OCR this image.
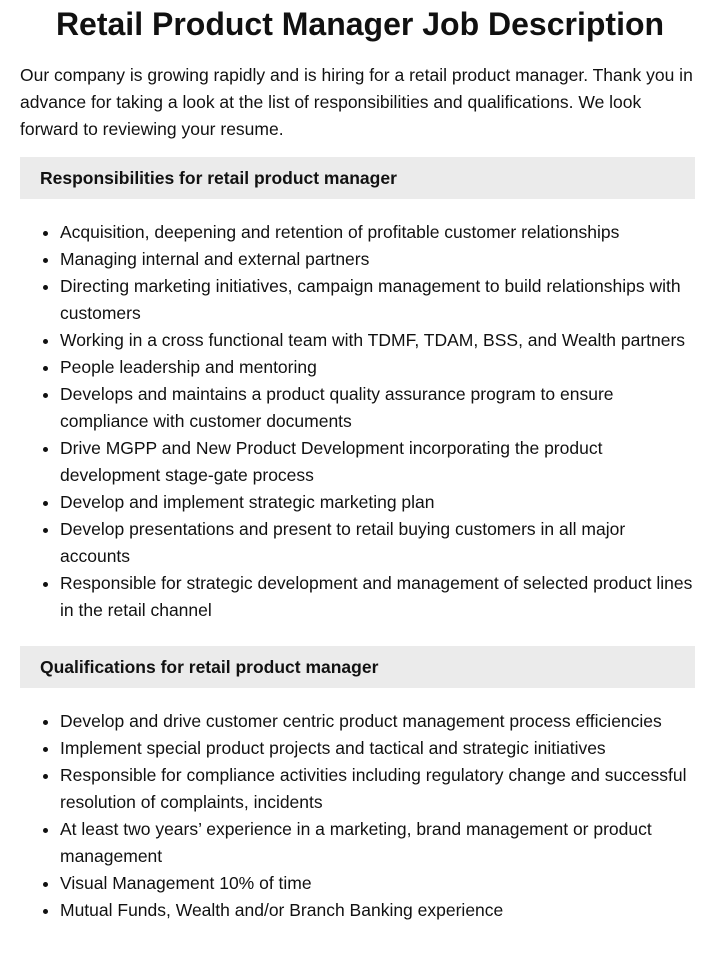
Retail Product Manager Job Description

Our company is growing rapidly and is hiring for a retail product manager. Thank you in advance for taking a look at the list of responsibilities and qualifications. We look forward to reviewing your resume.

Responsibilities for retail product manager
• Acquisition, deepening and retention of profitable customer relationships
• Managing internal and external partners
• Directing marketing initiatives, campaign management to build relationships with customers
• Working in a cross functional team with TDMF, TDAM, BSS, and Wealth partners
• People leadership and mentoring
• Develops and maintains a product quality assurance program to ensure compliance with customer documents
• Drive MGPP and New Product Development incorporating the product development stage-gate process
• Develop and implement strategic marketing plan
• Develop presentations and present to retail buying customers in all major accounts
• Responsible for strategic development and management of selected product lines in the retail channel
Qualifications for retail product manager
• Develop and drive customer centric product management process efficiencies
• Implement special product projects and tactical and strategic initiatives
• Responsible for compliance activities including regulatory change and successful resolution of complaints, incidents
• At least two years’ experience in a marketing, brand management or product management
• Visual Management 10% of time
• Mutual Funds, Wealth and/or Branch Banking experience
